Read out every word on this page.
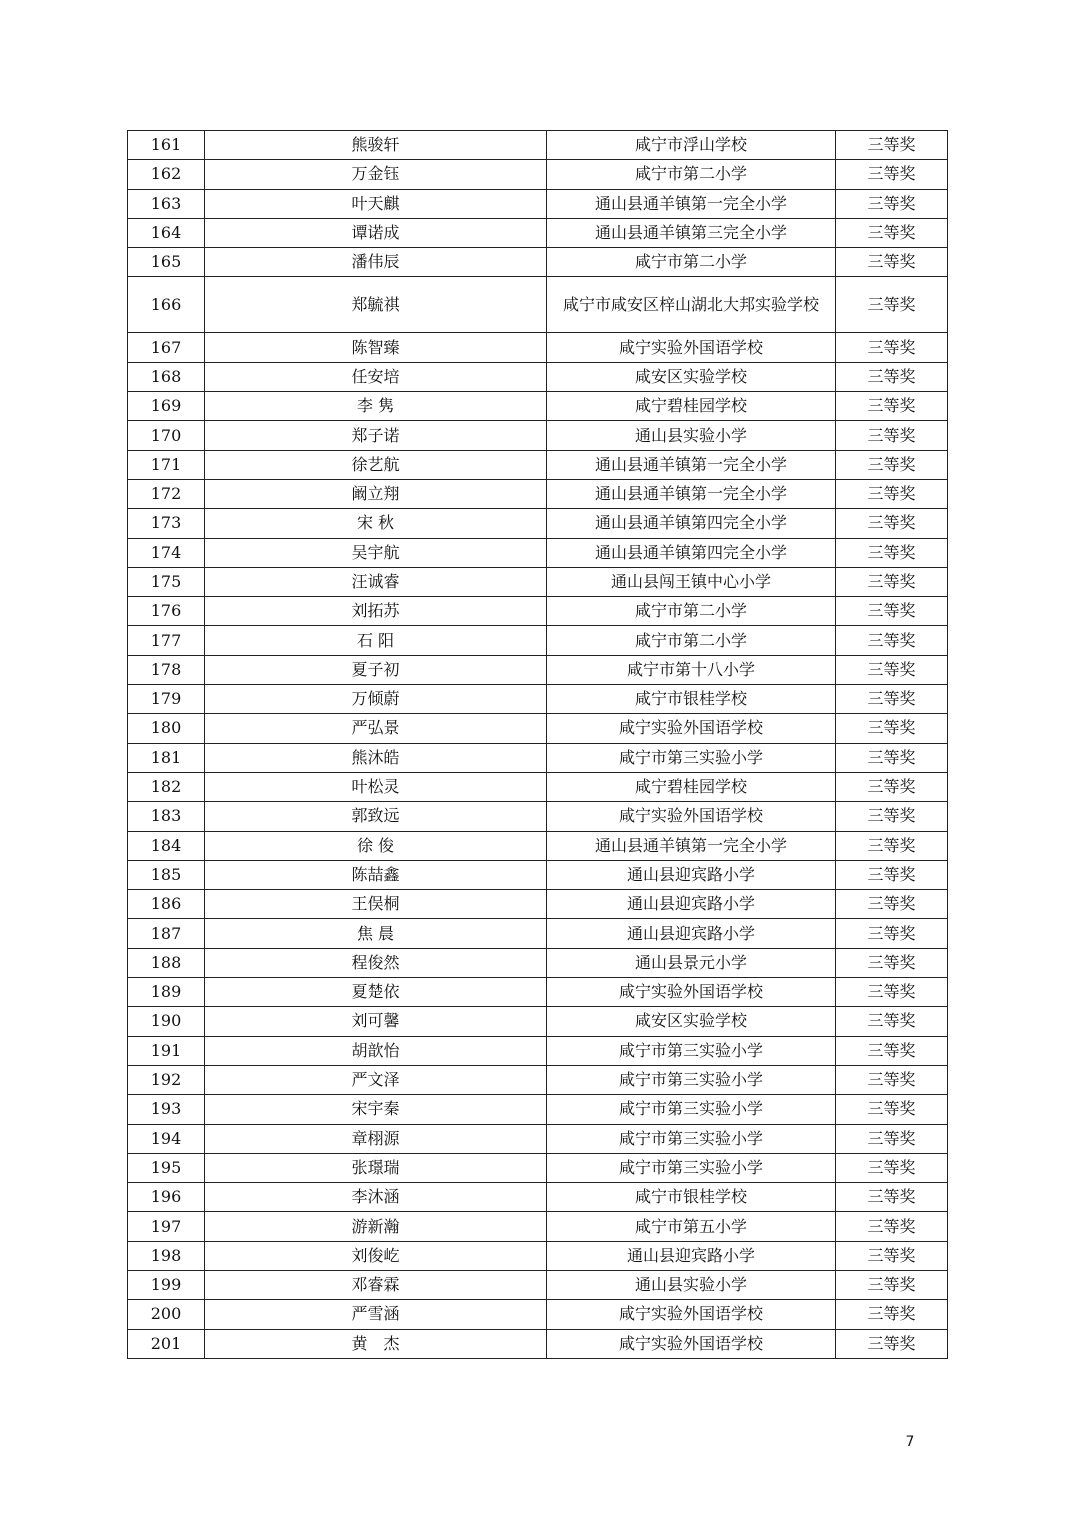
161	熊骏轩	咸宁市浮山学校	三等奖
162	万金钰	咸宁市第二小学	三等奖
163	叶天麒	通山县通羊镇第一完全小学	三等奖
164	谭诺成	通山县通羊镇第三完全小学	三等奖
165	潘伟辰	咸宁市第二小学	三等奖
166	郑毓祺	咸宁市咸安区梓山湖北大邦实验学校	三等奖
167	陈智臻	咸宁实验外国语学校	三等奖
168	任安培	咸安区实验学校	三等奖
169	李 隽	咸宁碧桂园学校	三等奖
170	郑子诺	通山县实验小学	三等奖
171	徐艺航	通山县通羊镇第一完全小学	三等奖
172	阚立翔	通山县通羊镇第一完全小学	三等奖
173	宋 秋	通山县通羊镇第四完全小学	三等奖
174	吴宇航	通山县通羊镇第四完全小学	三等奖
175	汪诚睿	通山县闯王镇中心小学	三等奖
176	刘拓苏	咸宁市第二小学	三等奖
177	石 阳	咸宁市第二小学	三等奖
178	夏子初	咸宁市第十八小学	三等奖
179	万倾蔚	咸宁市银桂学校	三等奖
180	严弘景	咸宁实验外国语学校	三等奖
181	熊沐皓	咸宁市第三实验小学	三等奖
182	叶松灵	咸宁碧桂园学校	三等奖
183	郭致远	咸宁实验外国语学校	三等奖
184	徐 俊	通山县通羊镇第一完全小学	三等奖
185	陈喆鑫	通山县迎宾路小学	三等奖
186	王俣桐	通山县迎宾路小学	三等奖
187	焦 晨	通山县迎宾路小学	三等奖
188	程俊然	通山县景元小学	三等奖
189	夏楚依	咸宁实验外国语学校	三等奖
190	刘可馨	咸安区实验学校	三等奖
191	胡歆怡	咸宁市第三实验小学	三等奖
192	严文泽	咸宁市第三实验小学	三等奖
193	宋宇秦	咸宁市第三实验小学	三等奖
194	章栩源	咸宁市第三实验小学	三等奖
195	张璟瑞	咸宁市第三实验小学	三等奖
196	李沐涵	咸宁市银桂学校	三等奖
197	游新瀚	咸宁市第五小学	三等奖
198	刘俊屹	通山县迎宾路小学	三等奖
199	邓睿霖	通山县实验小学	三等奖
200	严雪涵	咸宁实验外国语学校	三等奖
201	黄　杰	咸宁实验外国语学校	三等奖
7
